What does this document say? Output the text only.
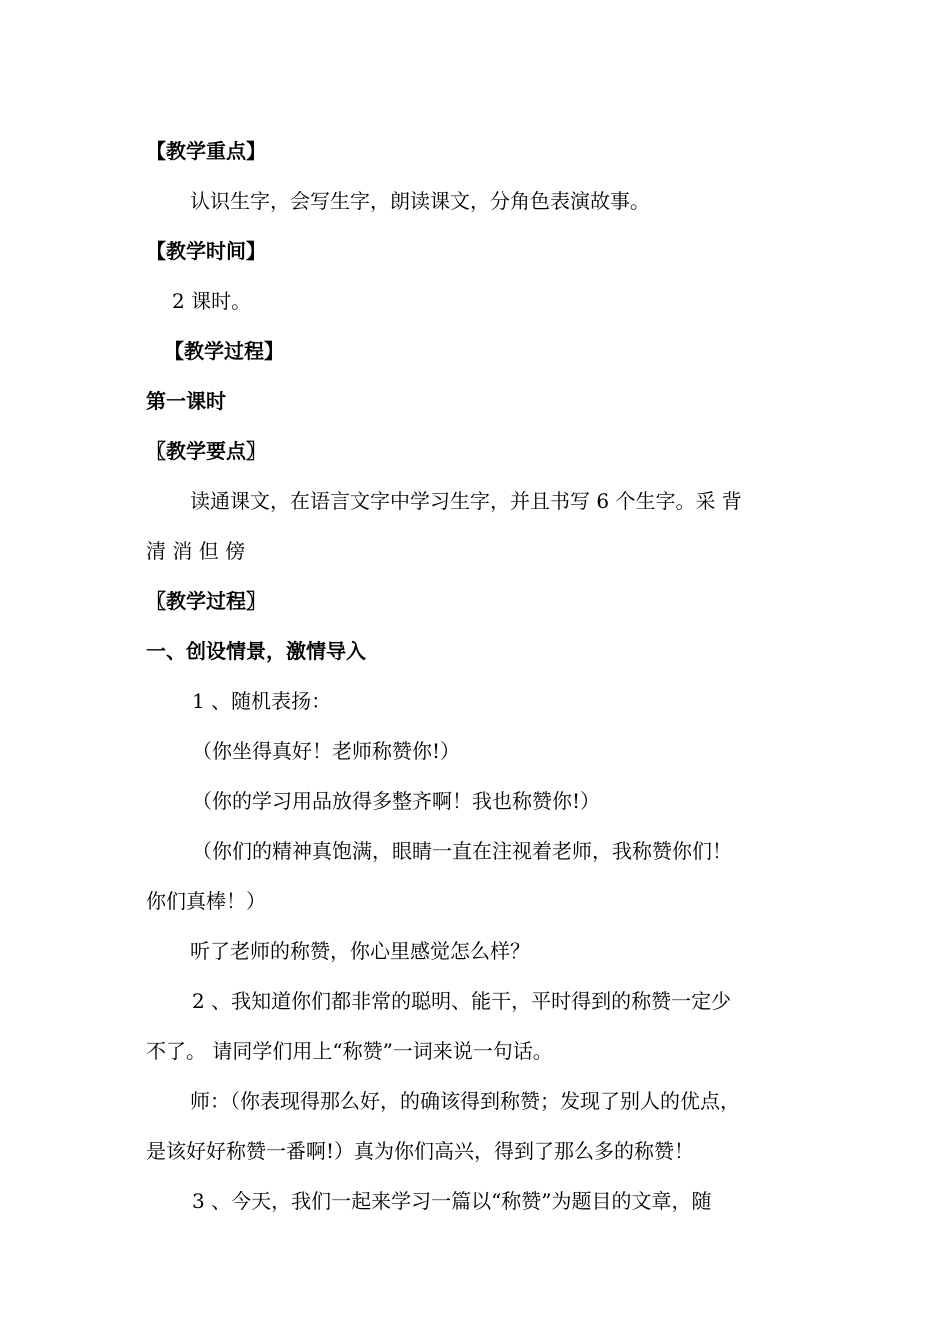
【教学重点】
认识生字，会写生字，朗读课文，分角色表演故事。
【教学时间】
2 课时。
【教学过程】
第一课时
〖教学要点〗
读通课文，在语言文字中学习生字，并且书写 6 个生字。采 背
清 消 但 傍
〖教学过程〗
一、创设情景，激情导入
1 、随机表扬：
（你坐得真好！老师称赞你!）
（你的学习用品放得多整齐啊！我也称赞你!）
（你们的精神真饱满，眼睛一直在注视着老师，我称赞你们！
你们真棒！）
听了老师的称赞，你心里感觉怎么样？
2 、我知道你们都非常的聪明、能干，平时得到的称赞一定少
不了。 请同学们用上“称赞”一词来说一句话。
师：（你表现得那么好，的确该得到称赞；发现了别人的优点，
是该好好称赞一番啊!）真为你们高兴，得到了那么多的称赞！
3 、今天，我们一起来学习一篇以“称赞”为题目的文章，随
